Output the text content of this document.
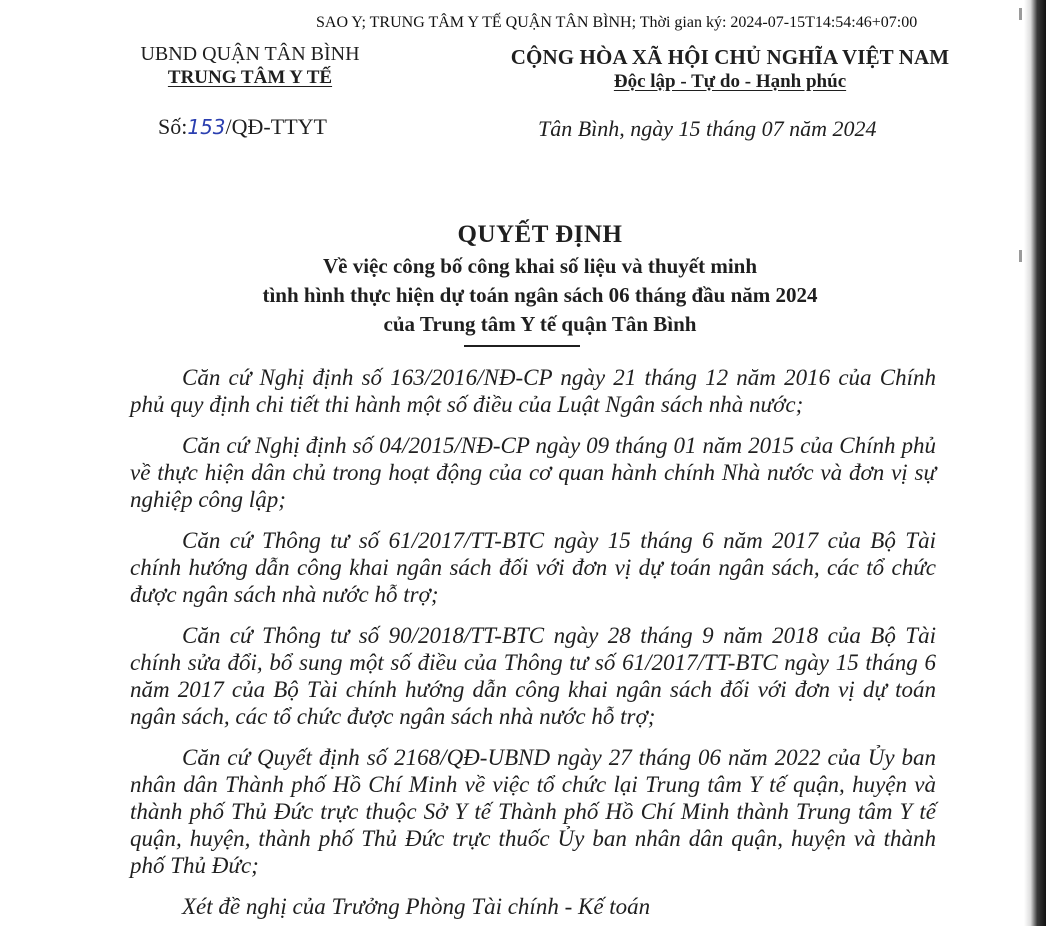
SAO Y; TRUNG TÂM Y TẾ QUẬN TÂN BÌNH; Thời gian ký: 2024-07-15T14:54:46+07:00
UBND QUẬN TÂN BÌNH
TRUNG TÂM Y TẾ
CỘNG HÒA XÃ HỘI CHỦ NGHĨA VIỆT NAM
Độc lập - Tự do - Hạnh phúc
Số:153/QĐ-TTYT	Tân Bình, ngày 15 tháng 07 năm 2024
QUYẾT ĐỊNH
Về việc công bố công khai số liệu và thuyết minh
tình hình thực hiện dự toán ngân sách 06 tháng đầu năm 2024
của Trung tâm Y tế quận Tân Bình

Căn cứ Nghị định số 163/2016/NĐ-CP ngày 21 tháng 12 năm 2016 của Chính phủ quy định chi tiết thi hành một số điều của Luật Ngân sách nhà nước;

Căn cứ Nghị định số 04/2015/NĐ-CP ngày 09 tháng 01 năm 2015 của Chính phủ về thực hiện dân chủ trong hoạt động của cơ quan hành chính Nhà nước và đơn vị sự nghiệp công lập;

Căn cứ Thông tư số 61/2017/TT-BTC ngày 15 tháng 6 năm 2017 của Bộ Tài chính hướng dẫn công khai ngân sách đối với đơn vị dự toán ngân sách, các tổ chức được ngân sách nhà nước hỗ trợ;

Căn cứ Thông tư số 90/2018/TT-BTC ngày 28 tháng 9 năm 2018 của Bộ Tài chính sửa đổi, bổ sung một số điều của Thông tư số 61/2017/TT-BTC ngày 15 tháng 6 năm 2017 của Bộ Tài chính hướng dẫn công khai ngân sách đối với đơn vị dự toán ngân sách, các tổ chức được ngân sách nhà nước hỗ trợ;

Căn cứ Quyết định số 2168/QĐ-UBND ngày 27 tháng 06 năm 2022 của Ủy ban nhân dân Thành phố Hồ Chí Minh về việc tổ chức lại Trung tâm Y tế quận, huyện và thành phố Thủ Đức trực thuộc Sở Y tế Thành phố Hồ Chí Minh thành Trung tâm Y tế quận, huyện, thành phố Thủ Đức trực thuốc Ủy ban nhân dân quận, huyện và thành phố Thủ Đức;

Xét đề nghị của Trưởng Phòng Tài chính - Kế toán
